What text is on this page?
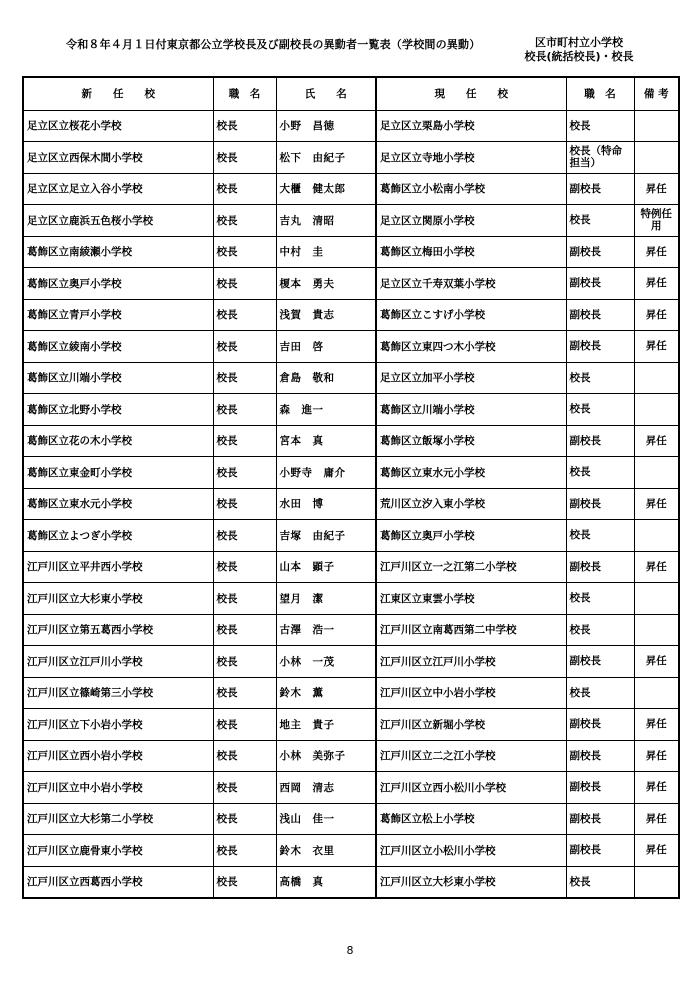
令和８年４月１日付東京都公立学校長及び副校長の異動者一覧表（学校間の異動）	区市町村立小学校
校長(統括校長)・校長
新　　任　　校	職　名	氏　　名	現　　任　　校	職　名	備 考
足立区立桜花小学校	校長	小野　昌徳	足立区立栗島小学校	校長	
足立区立西保木間小学校	校長	松下　由紀子	足立区立寺地小学校	校長（特命担当）	
足立区立足立入谷小学校	校長	大櫃　健太郎	葛飾区立小松南小学校	副校長	昇任
足立区立鹿浜五色桜小学校	校長	吉丸　清昭	足立区立関原小学校	校長	特例任用
葛飾区立南綾瀬小学校	校長	中村　圭	葛飾区立梅田小学校	副校長	昇任
葛飾区立奥戸小学校	校長	榎本　勇夫	足立区立千寿双葉小学校	副校長	昇任
葛飾区立青戸小学校	校長	浅賀　貴志	葛飾区立こすげ小学校	副校長	昇任
葛飾区立綾南小学校	校長	吉田　啓	葛飾区立東四つ木小学校	副校長	昇任
葛飾区立川端小学校	校長	倉島　敬和	足立区立加平小学校	校長	
葛飾区立北野小学校	校長	森　進一	葛飾区立川端小学校	校長	
葛飾区立花の木小学校	校長	宮本　真	葛飾区立飯塚小学校	副校長	昇任
葛飾区立東金町小学校	校長	小野寺　庸介	葛飾区立東水元小学校	校長	
葛飾区立東水元小学校	校長	水田　博	荒川区立汐入東小学校	副校長	昇任
葛飾区立よつぎ小学校	校長	吉塚　由紀子	葛飾区立奥戸小学校	校長	
江戸川区立平井西小学校	校長	山本　顕子	江戸川区立一之江第二小学校	副校長	昇任
江戸川区立大杉東小学校	校長	望月　潔	江東区立東雲小学校	校長	
江戸川区立第五葛西小学校	校長	古澤　浩一	江戸川区立南葛西第二中学校	校長	
江戸川区立江戸川小学校	校長	小林　一茂	江戸川区立江戸川小学校	副校長	昇任
江戸川区立篠崎第三小学校	校長	鈴木　薫	江戸川区立中小岩小学校	校長	
江戸川区立下小岩小学校	校長	地主　貴子	江戸川区立新堀小学校	副校長	昇任
江戸川区立西小岩小学校	校長	小林　美弥子	江戸川区立二之江小学校	副校長	昇任
江戸川区立中小岩小学校	校長	西岡　清志	江戸川区立西小松川小学校	副校長	昇任
江戸川区立大杉第二小学校	校長	浅山　佳一	葛飾区立松上小学校	副校長	昇任
江戸川区立鹿骨東小学校	校長	鈴木　衣里	江戸川区立小松川小学校	副校長	昇任
江戸川区立西葛西小学校	校長	高橋　真	江戸川区立大杉東小学校	校長	
8
